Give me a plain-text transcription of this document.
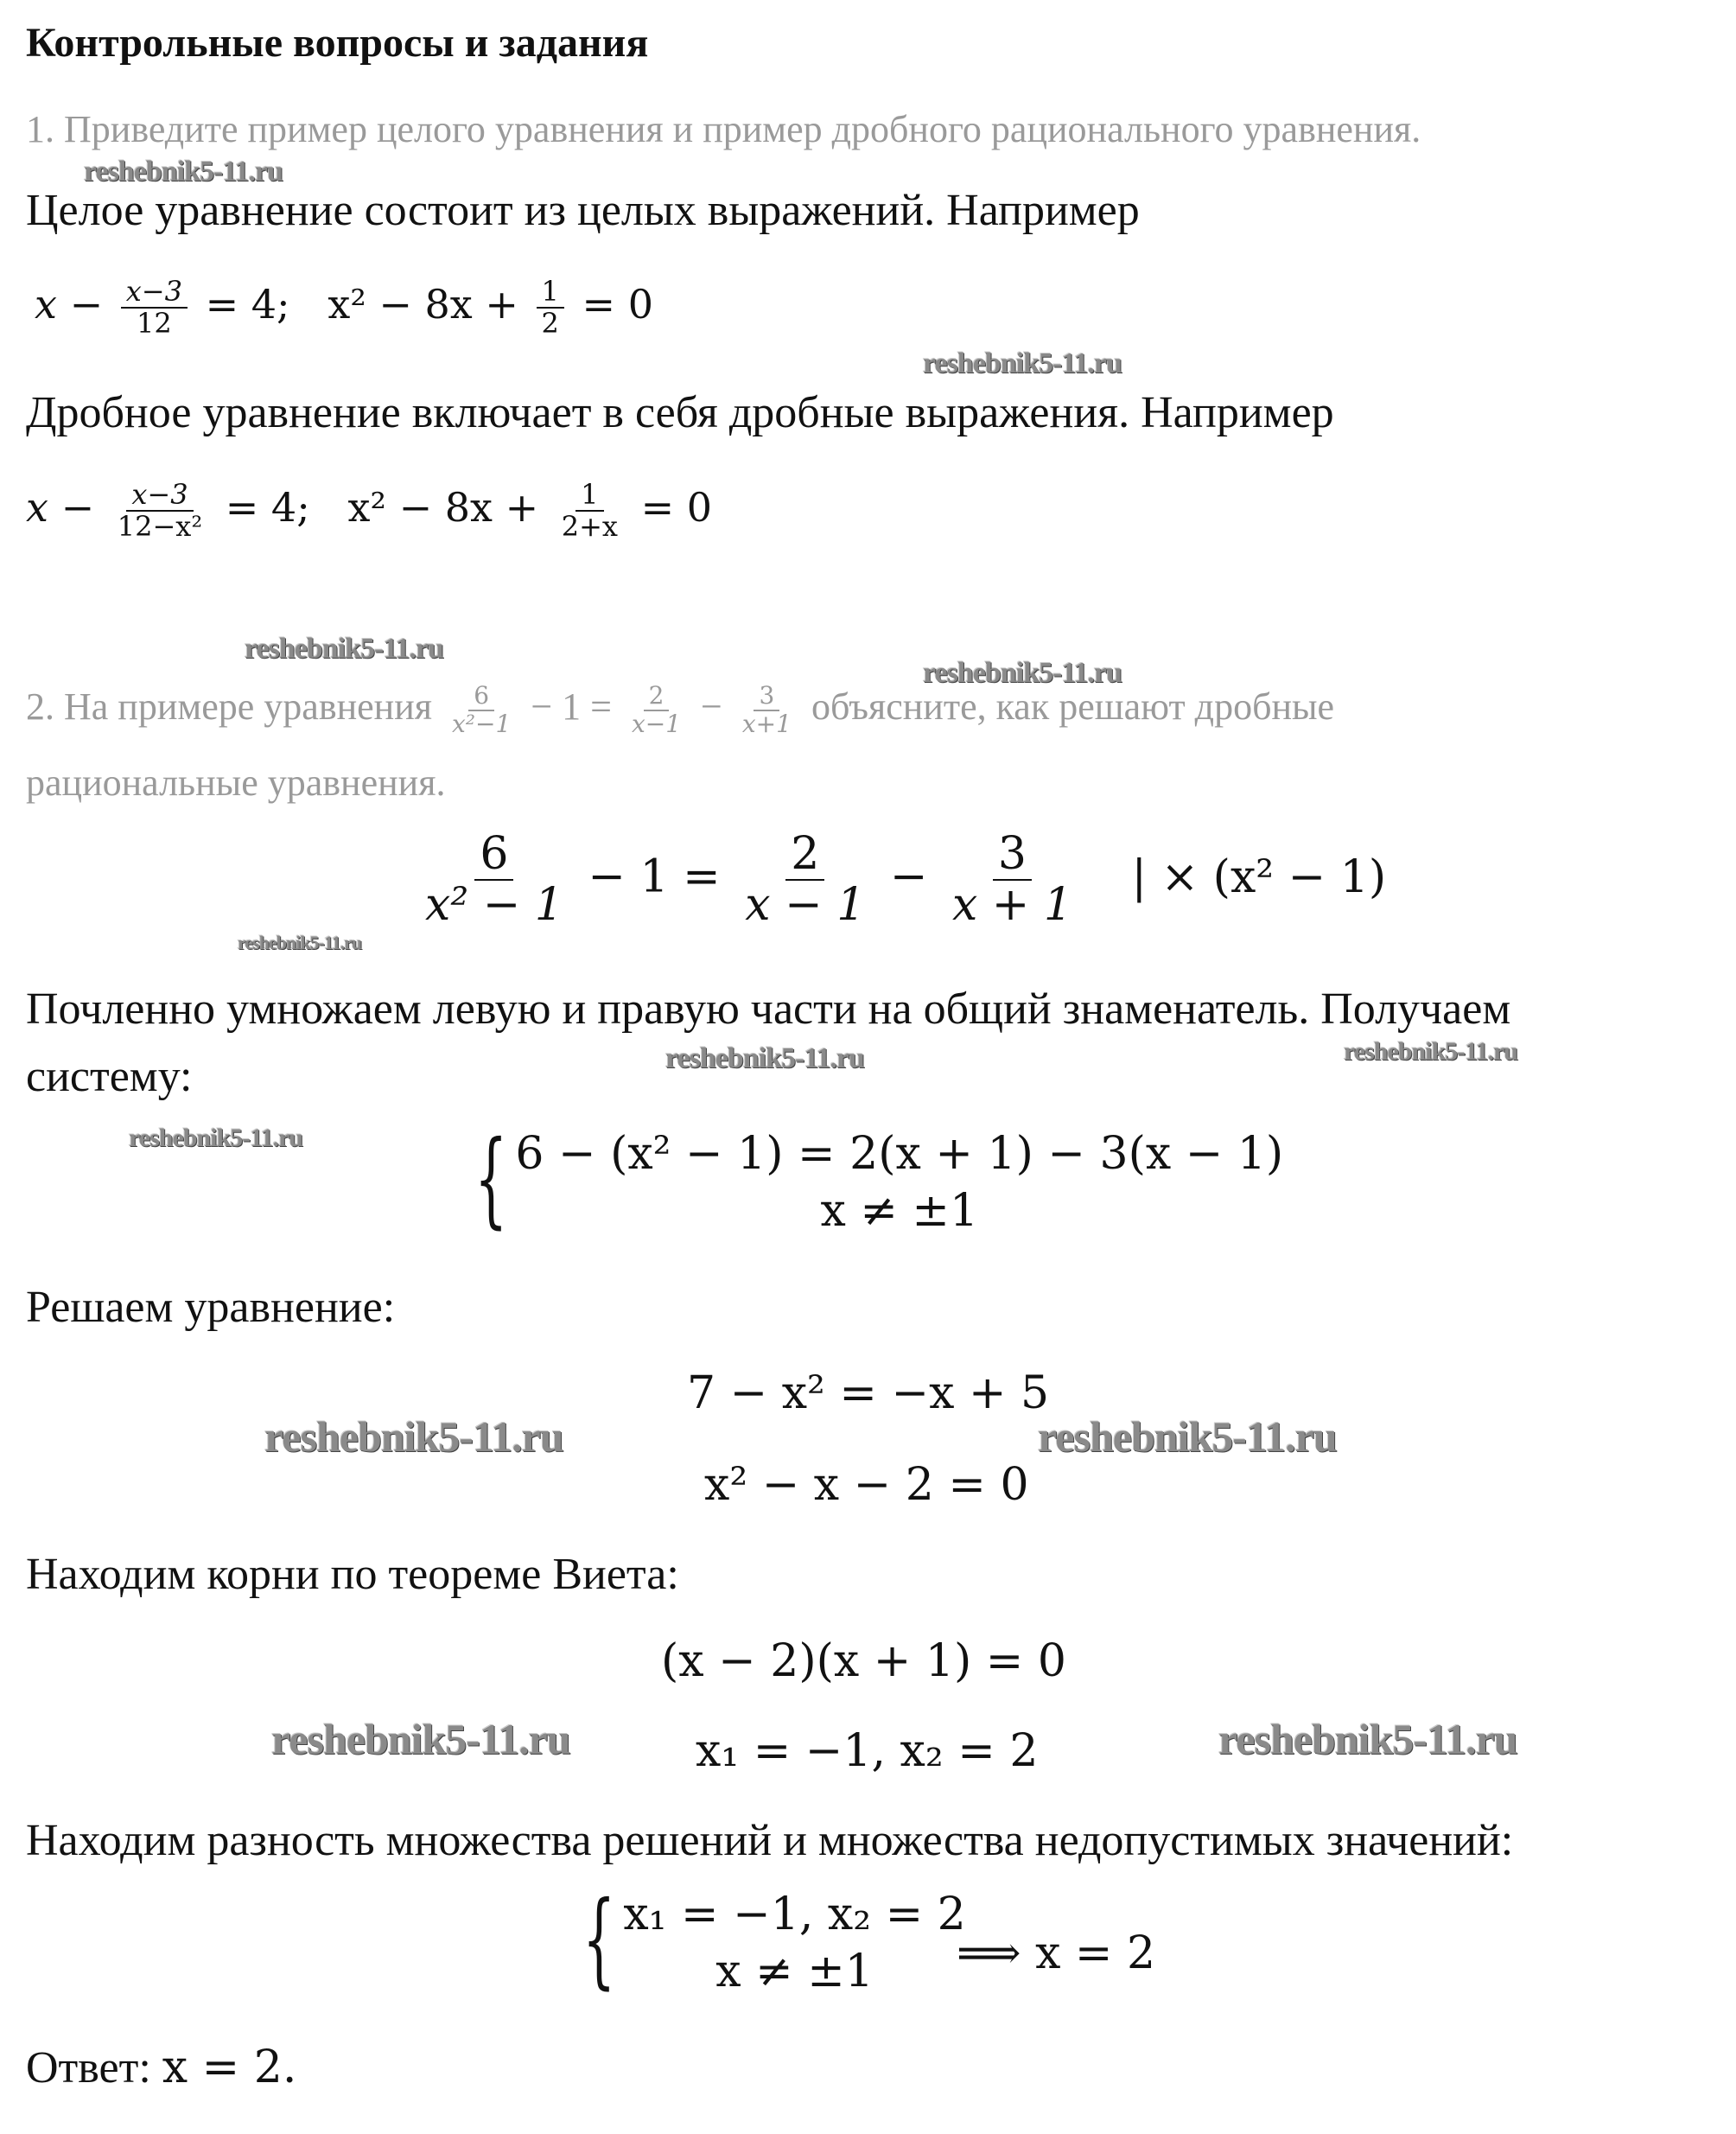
Контрольные вопросы и задания
1. Приведите пример целого уравнения и пример дробного рационального уравнения.
reshebnik5-11.ru
Целое уравнение состоит из целых выражений. Например
$x - \frac{x-3}{12} = 4$;   $x^2 - 8x + \frac{1}{2} = 0$
reshebnik5-11.ru
Дробное уравнение включает в себя дробные выражения. Например
$x - \frac{x-3}{\text{12−x²}} = 4$;   $x^2 - 8x + \frac{1}{2+x} = 0$
reshebnik5-11.ru
reshebnik5-11.ru
2. На примере уравнения $\frac{6}{\text{x²−1}} - 1 = \frac{2}{x-1} - \frac{3}{x+1}$ объясните, как решают дробные
рациональные уравнения.
$\frac{6}{\text{x² − 1}} - 1 = \frac{2}{x - 1} - \frac{3}{x + 1}$ | × (x² − 1)
reshebnik5-11.ru
Почленно умножаем левую и правую части на общий знаменатель. Получаем
reshebnik5-11.ru	reshebnik5-11.ru
систему:
reshebnik5-11.ru { 6 − (x² − 1) = 2(x + 1) − 3(x − 1)
x ≠ ±1
Решаем уравнение:
7 − x² = −x + 5
reshebnik5-11.ru	reshebnik5-11.ru
x² − x − 2 = 0
Находим корни по теореме Виета:
(x − 2)(x + 1) = 0
reshebnik5-11.ru	reshebnik5-11.ru
x₁ = −1, x₂ = 2
Находим разность множества решений и множества недопустимых значений:
{ x₁ = −1, x₂ = 2
x ≠ ±1 ⟹ x = 2
Ответ: x = 2.
